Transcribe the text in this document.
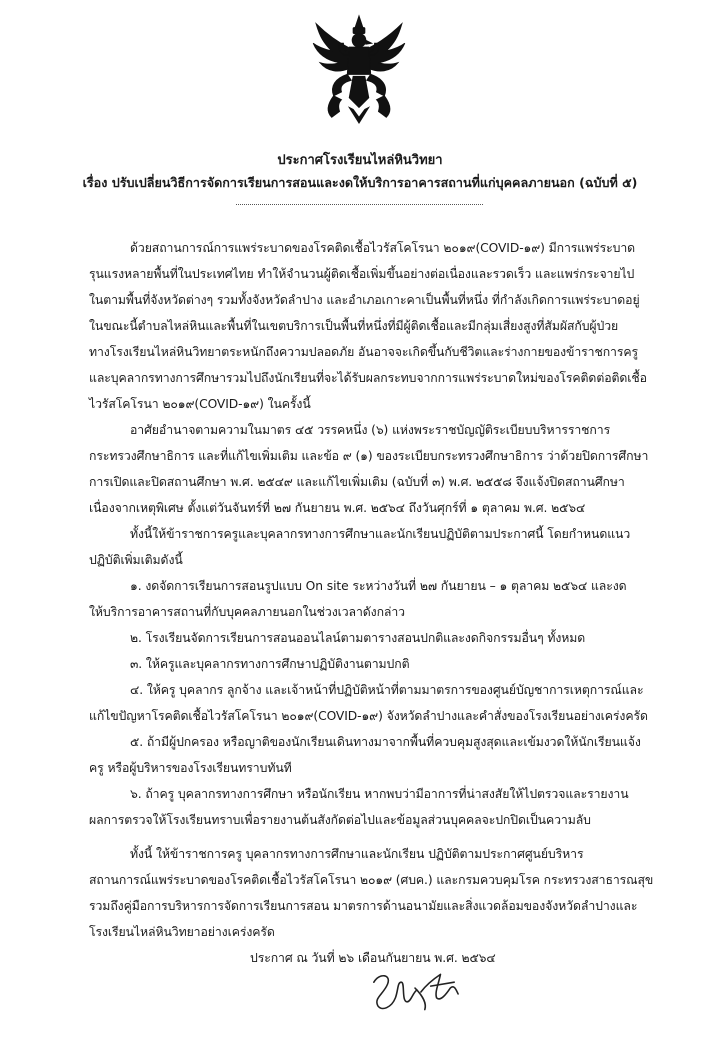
ประกาศโรงเรียนไหล่หินวิทยา
เรื่อง ปรับเปลี่ยนวิธีการจัดการเรียนการสอนและงดให้บริการอาคารสถานที่แก่บุคคลภายนอก (ฉบับที่ ๕)
ด้วยสถานการณ์การแพร่ระบาดของโรคติดเชื้อไวรัสโคโรนา ๒๐๑๙(COVID-๑๙) มีการแพร่ระบาด
รุนแรงหลายพื้นที่ในประเทศไทย ทำให้จำนวนผู้ติดเชื้อเพิ่มขึ้นอย่างต่อเนื่องและรวดเร็ว และแพร่กระจายไป
ในตามพื้นที่จังหวัดต่างๆ รวมทั้งจังหวัดลำปาง และอำเภอเกาะคาเป็นพื้นที่หนึ่ง ที่กำลังเกิดการแพร่ระบาดอยู่
ในขณะนี้ตำบลไหล่หินและพื้นที่ในเขตบริการเป็นพื้นที่หนึ่งที่มีผู้ติดเชื้อและมีกลุ่มเสี่ยงสูงที่สัมผัสกับผู้ป่วย
ทางโรงเรียนไหล่หินวิทยาตระหนักถึงความปลอดภัย อันอาจจะเกิดขึ้นกับชีวิตและร่างกายของข้าราชการครู
และบุคลากรทางการศึกษารวมไปถึงนักเรียนที่จะได้รับผลกระทบจากการแพร่ระบาดใหม่ของโรคติดต่อติดเชื้อ
ไวรัสโคโรนา ๒๐๑๙(COVID-๑๙) ในครั้งนี้
อาศัยอำนาจตามความในมาตร ๔๕ วรรคหนึ่ง (๖) แห่งพระราชบัญญัติระเบียบบริหารราชการ
กระทรวงศึกษาธิการ และที่แก้ไขเพิ่มเติม และข้อ ๙ (๑) ของระเบียบกระทรวงศึกษาธิการ ว่าด้วยปิดการศึกษา
การเปิดและปิดสถานศึกษา พ.ศ. ๒๕๔๙ และแก้ไขเพิ่มเติม (ฉบับที่ ๓) พ.ศ. ๒๕๕๘ จึงแจ้งปิดสถานศึกษา
เนื่องจากเหตุพิเศษ ตั้งแต่วันจันทร์ที่ ๒๗ กันยายน พ.ศ. ๒๕๖๔ ถึงวันศุกร์ที่ ๑ ตุลาคม พ.ศ. ๒๕๖๔
ทั้งนี้ให้ข้าราชการครูและบุคลากรทางการศึกษาและนักเรียนปฏิบัติตามประกาศนี้ โดยกำหนดแนว
ปฏิบัติเพิ่มเติมดังนี้
๑. งดจัดการเรียนการสอนรูปแบบ On site ระหว่างวันที่ ๒๗ กันยายน – ๑ ตุลาคม ๒๕๖๔ และงด
ให้บริการอาคารสถานที่กับบุคคลภายนอกในช่วงเวลาดังกล่าว
๒. โรงเรียนจัดการเรียนการสอนออนไลน์ตามตารางสอนปกติและงดกิจกรรมอื่นๆ ทั้งหมด
๓. ให้ครูและบุคลากรทางการศึกษาปฏิบัติงานตามปกติ
๔. ให้ครู บุคลากร ลูกจ้าง และเจ้าหน้าที่ปฏิบัติหน้าที่ตามมาตรการของศูนย์บัญชาการเหตุการณ์และ
แก้ไขปัญหาโรคติดเชื้อไวรัสโคโรนา ๒๐๑๙(COVID-๑๙) จังหวัดลำปางและคำสั่งของโรงเรียนอย่างเคร่งครัด
๕. ถ้ามีผู้ปกครอง หรือญาติของนักเรียนเดินทางมาจากพื้นที่ควบคุมสูงสุดและเข้มงวดให้นักเรียนแจ้ง
ครู หรือผู้บริหารของโรงเรียนทราบทันที
๖. ถ้าครู บุคลากรทางการศึกษา หรือนักเรียน หากพบว่ามีอาการที่น่าสงสัยให้ไปตรวจและรายงาน
ผลการตรวจให้โรงเรียนทราบเพื่อรายงานต้นสังกัดต่อไปและข้อมูลส่วนบุคคลจะปกปิดเป็นความลับ
ทั้งนี้ ให้ข้าราชการครู บุคลากรทางการศึกษาและนักเรียน ปฏิบัติตามประกาศศูนย์บริหาร
สถานการณ์แพร่ระบาดของโรคติดเชื้อไวรัสโคโรนา ๒๐๑๙ (ศบค.) และกรมควบคุมโรค กระทรวงสาธารณสุข
รวมถึงคู่มือการบริหารการจัดการเรียนการสอน มาตรการด้านอนามัยและสิ่งแวดล้อมของจังหวัดลำปางและ
โรงเรียนไหล่หินวิทยาอย่างเคร่งครัด
ประกาศ ณ วันที่ ๒๖ เดือนกันยายน พ.ศ. ๒๕๖๔
